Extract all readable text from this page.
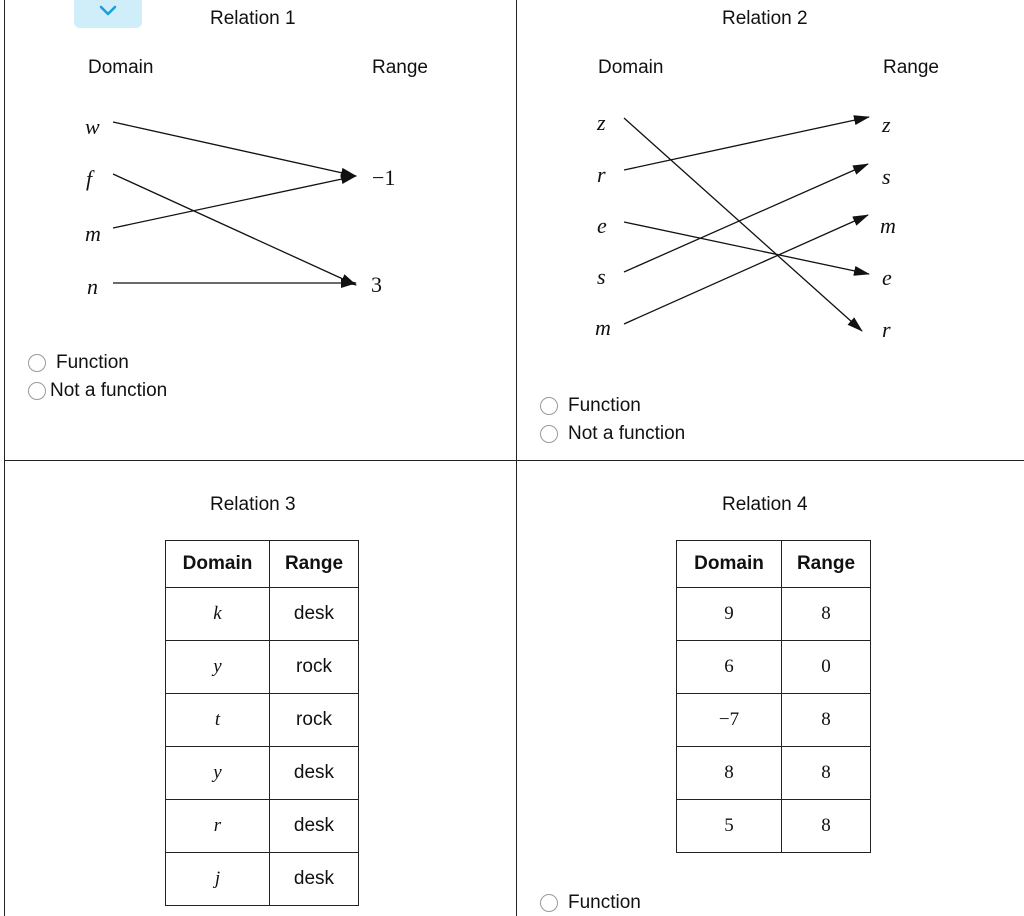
Relation 1
Domain	Range
w
f
m
n
−1
3
Function
Not a function
Relation 2
Domain	Range
z
r
e
s
m
z
s
m
e
r
Function
Not a function
Relation 3
Domain	Range
k	desk
y	rock
t	rock
y	desk
r	desk
j	desk
Relation 4
Domain	Range
9	8
6	0
−7	8
8	8
5	8
Function
